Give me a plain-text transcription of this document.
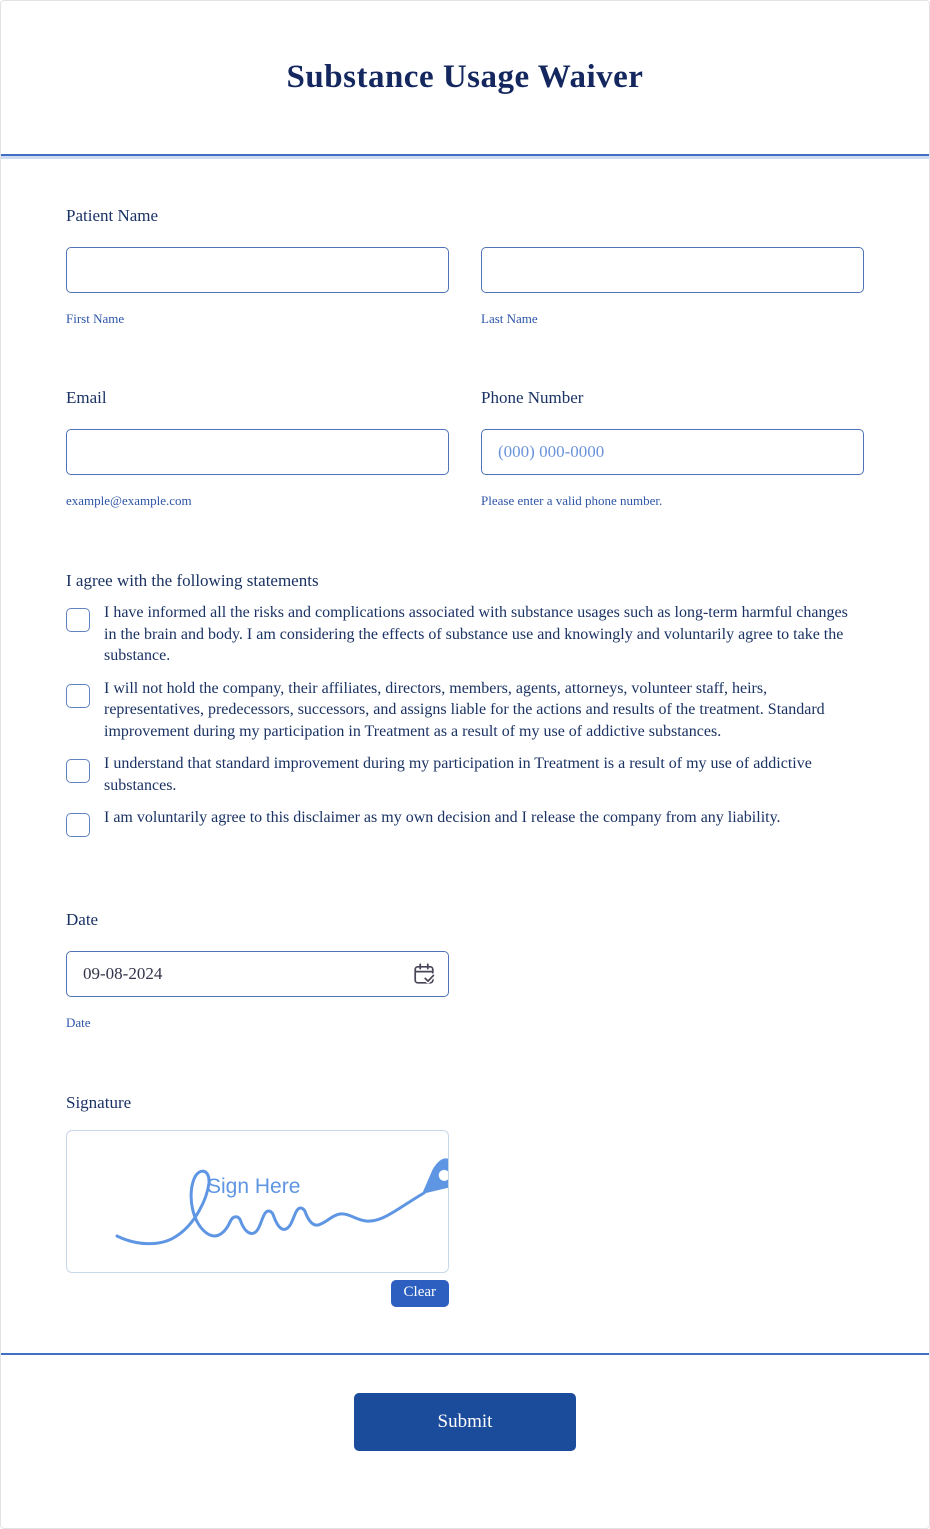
Substance Usage Waiver
Patient Name
First Name	Last Name
Email	Phone Number
(000) 000-0000
example@example.com	Please enter a valid phone number.
I agree with the following statements
I have informed all the risks and complications associated with substance usages such as long-term harmful changes in the brain and body. I am considering the effects of substance use and knowingly and voluntarily agree to take the substance.
I will not hold the company, their affiliates, directors, members, agents, attorneys, volunteer staff, heirs, representatives, predecessors, successors, and assigns liable for the actions and results of the treatment. Standard improvement during my participation in Treatment as a result of my use of addictive substances.
I understand that standard improvement during my participation in Treatment is a result of my use of addictive substances.
I am voluntarily agree to this disclaimer as my own decision and I release the company from any liability.
Date
09-08-2024
Date
Signature
Sign Here
Clear
Submit
